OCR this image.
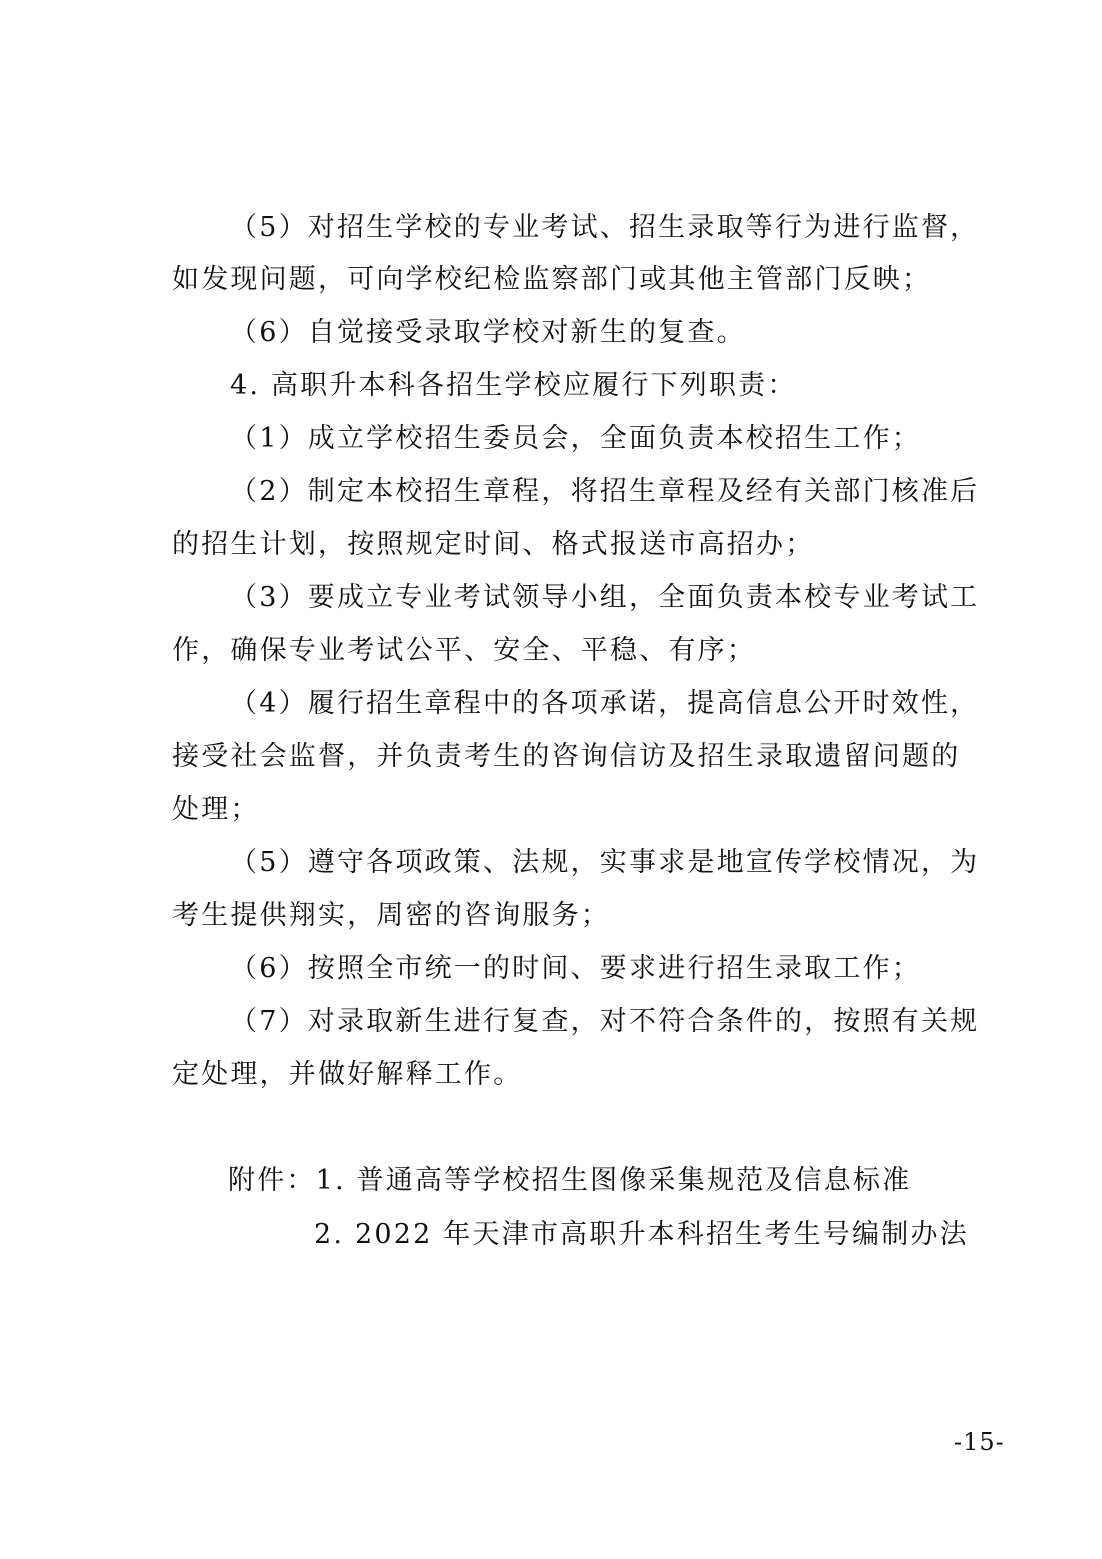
（5）对招生学校的专业考试、招生录取等行为进行监督，
如发现问题，可向学校纪检监察部门或其他主管部门反映；
（6）自觉接受录取学校对新生的复查。
4. 高职升本科各招生学校应履行下列职责：
（1）成立学校招生委员会，全面负责本校招生工作；
（2）制定本校招生章程，将招生章程及经有关部门核准后
的招生计划，按照规定时间、格式报送市高招办；
（3）要成立专业考试领导小组，全面负责本校专业考试工
作，确保专业考试公平、安全、平稳、有序；
（4）履行招生章程中的各项承诺，提高信息公开时效性，
接受社会监督，并负责考生的咨询信访及招生录取遗留问题的
处理；
（5）遵守各项政策、法规，实事求是地宣传学校情况，为
考生提供翔实，周密的咨询服务；
（6）按照全市统一的时间、要求进行招生录取工作；
（7）对录取新生进行复查，对不符合条件的，按照有关规
定处理，并做好解释工作。
附件：1. 普通高等学校招生图像采集规范及信息标准
2. 2022 年天津市高职升本科招生考生号编制办法
-15-
